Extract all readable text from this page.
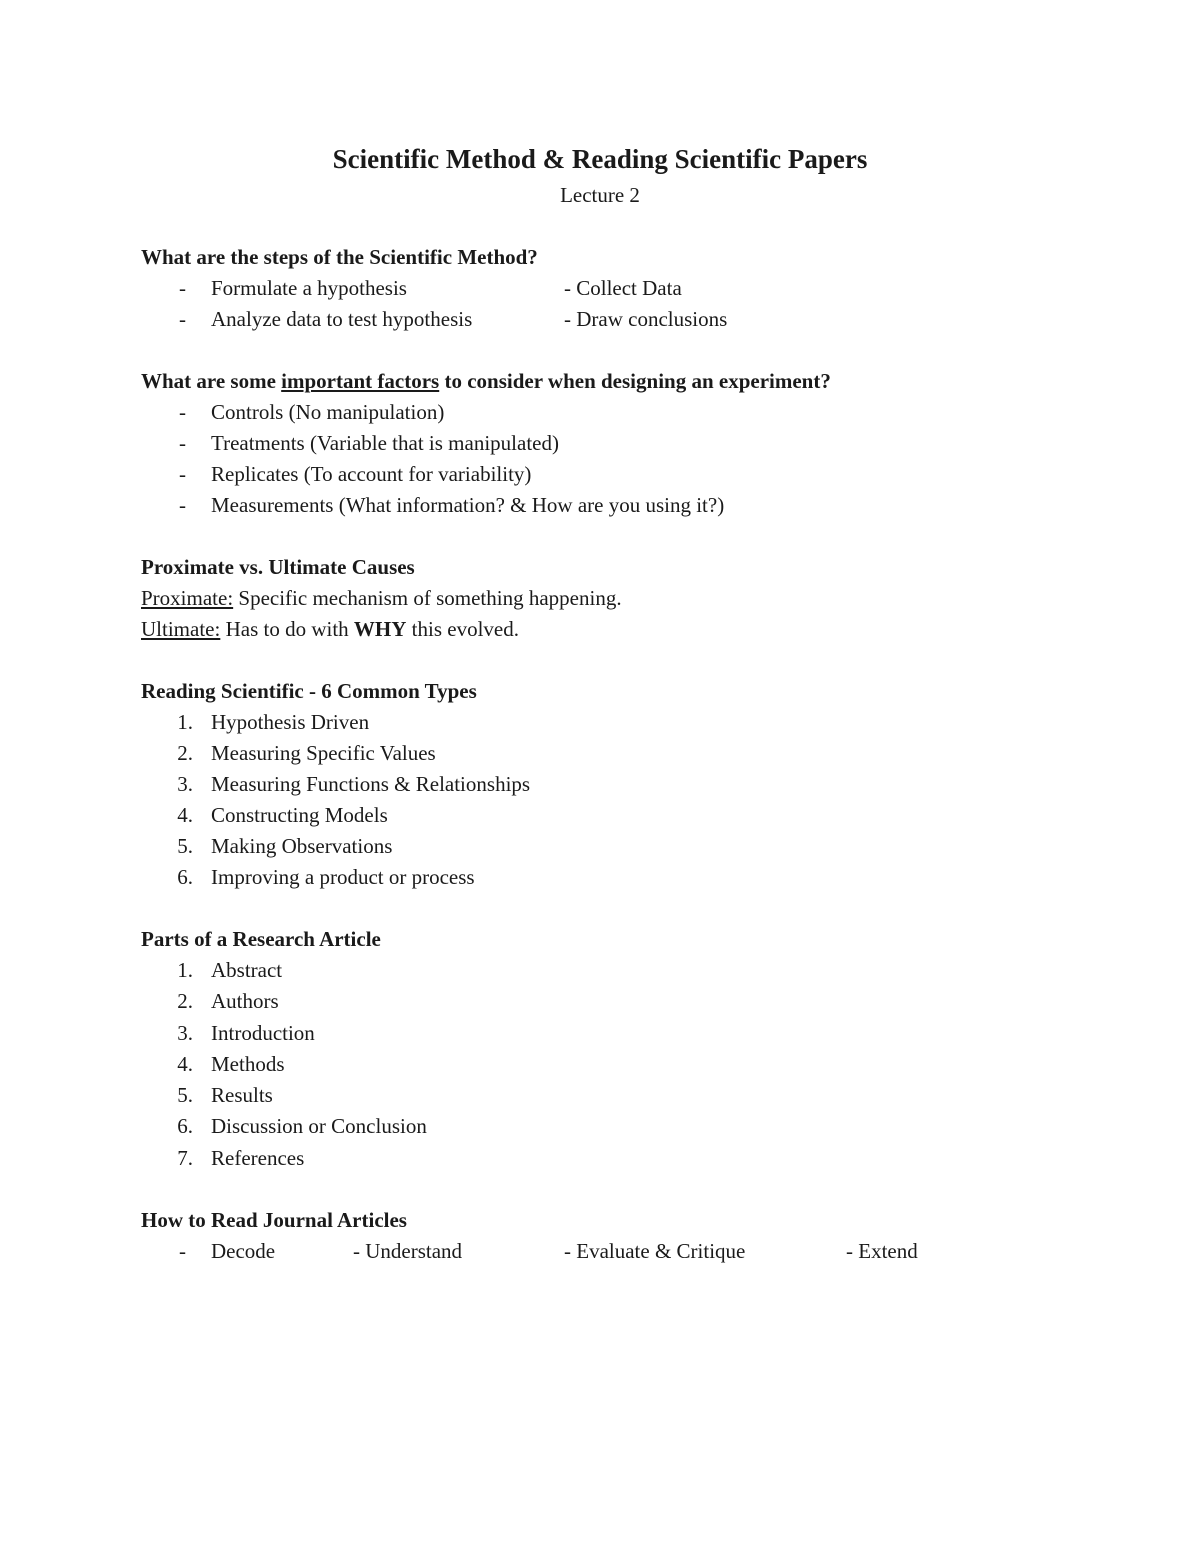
Scientific Method & Reading Scientific Papers
Lecture 2
What are the steps of the Scientific Method?
- Formulate a hypothesis	- Collect Data
- Analyze data to test hypothesis	- Draw conclusions
What are some important factors to consider when designing an experiment?
- Controls (No manipulation)
- Treatments (Variable that is manipulated)
- Replicates (To account for variability)
- Measurements (What information? & How are you using it?)
Proximate vs. Ultimate Causes
Proximate: Specific mechanism of something happening.
Ultimate: Has to do with WHY this evolved.
Reading Scientific - 6 Common Types
1. Hypothesis Driven
2. Measuring Specific Values
3. Measuring Functions & Relationships
4. Constructing Models
5. Making Observations
6. Improving a product or process
Parts of a Research Article
1. Abstract
2. Authors
3. Introduction
4. Methods
5. Results
6. Discussion or Conclusion
7. References
How to Read Journal Articles
- Decode	- Understand	- Evaluate & Critique	- Extend
